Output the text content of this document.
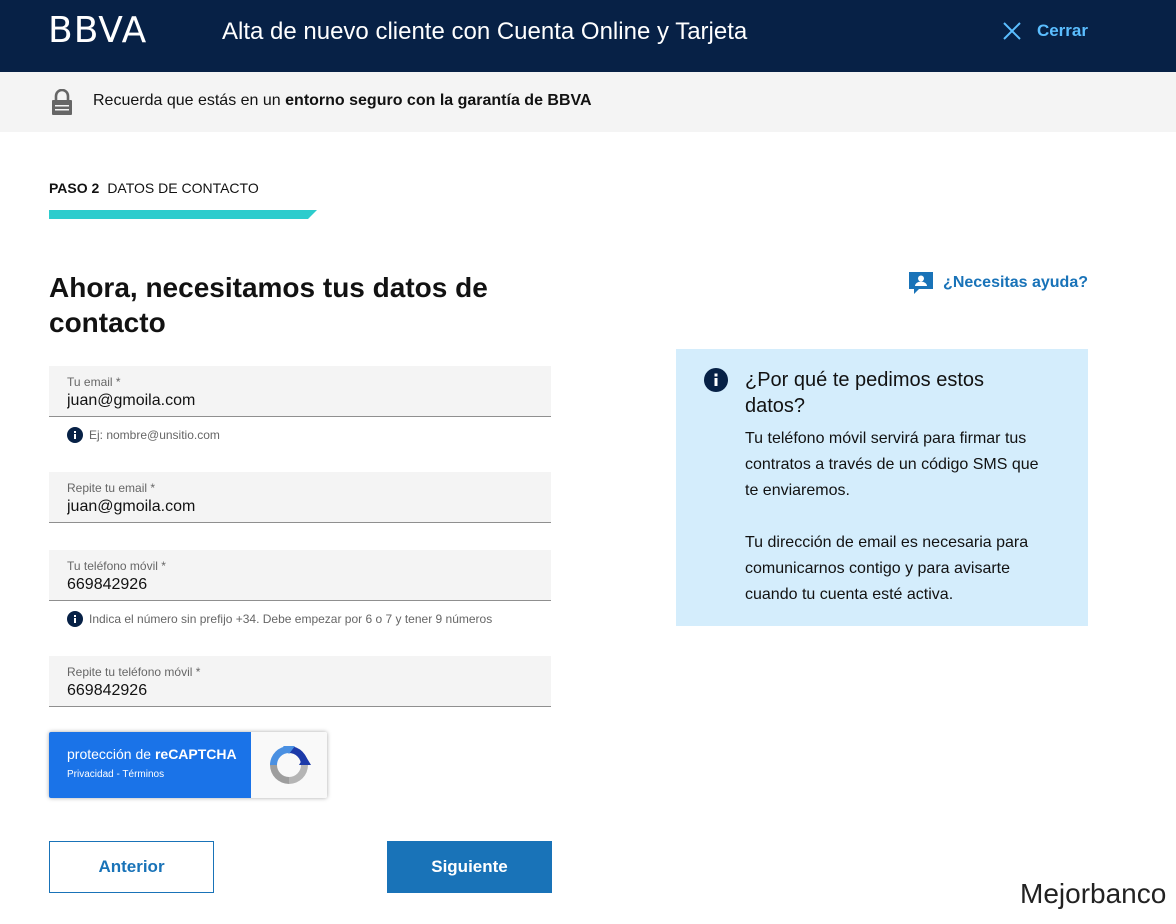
BBVA	Alta de nuevo cliente con Cuenta Online y Tarjeta	Cerrar
Recuerda que estás en un entorno seguro con la garantía de BBVA
PASO 2 DATOS DE CONTACTO
Ahora, necesitamos tus datos de contacto
¿Necesitas ayuda?
Tu email *
juan@gmoila.com
Ej: nombre@unsitio.com
Repite tu email *
juan@gmoila.com
Tu teléfono móvil *
669842926
Indica el número sin prefijo +34. Debe empezar por 6 o 7 y tener 9 números
Repite tu teléfono móvil *
669842926
protección de reCAPTCHA
Privacidad - Términos
Anterior	Siguiente
¿Por qué te pedimos estos datos?

Tu teléfono móvil servirá para firmar tus contratos a través de un código SMS que te enviaremos.

Tu dirección de email es necesaria para comunicarnos contigo y para avisarte cuando tu cuenta esté activa.

Mejorbanco
